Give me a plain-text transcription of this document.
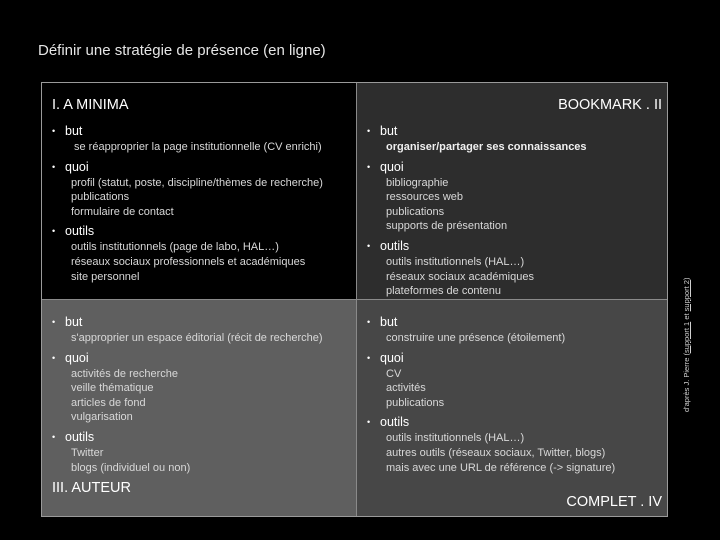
Définir une stratégie de présence (en ligne)
I. A MINIMA
• but
se réapproprier la page institutionnelle (CV enrichi)
• quoi
profil (statut, poste, discipline/thèmes de recherche)
publications
formulaire de contact
• outils
outils institutionnels (page de labo, HAL…)
réseaux sociaux professionnels et académiques
site personnel
BOOKMARK . II
• but
organiser/partager ses connaissances
• quoi
bibliographie
ressources web
publications
supports de présentation
• outils
outils institutionnels (HAL…)
réseaux sociaux académiques
plateformes de contenu
• but
s'approprier un espace éditorial (récit de recherche)
• quoi
activités de recherche
veille thématique
articles de fond
vulgarisation
• outils
Twitter
blogs (individuel ou non)
III. AUTEUR
• but
construire une présence (étoilement)
• quoi
CV
activités
publications
• outils
outils institutionnels (HAL…)
autres outils (réseaux sociaux, Twitter, blogs)
mais avec une URL de référence (-> signature)
COMPLET . IV
d'après J. Pierre (support 1 et support 2)
